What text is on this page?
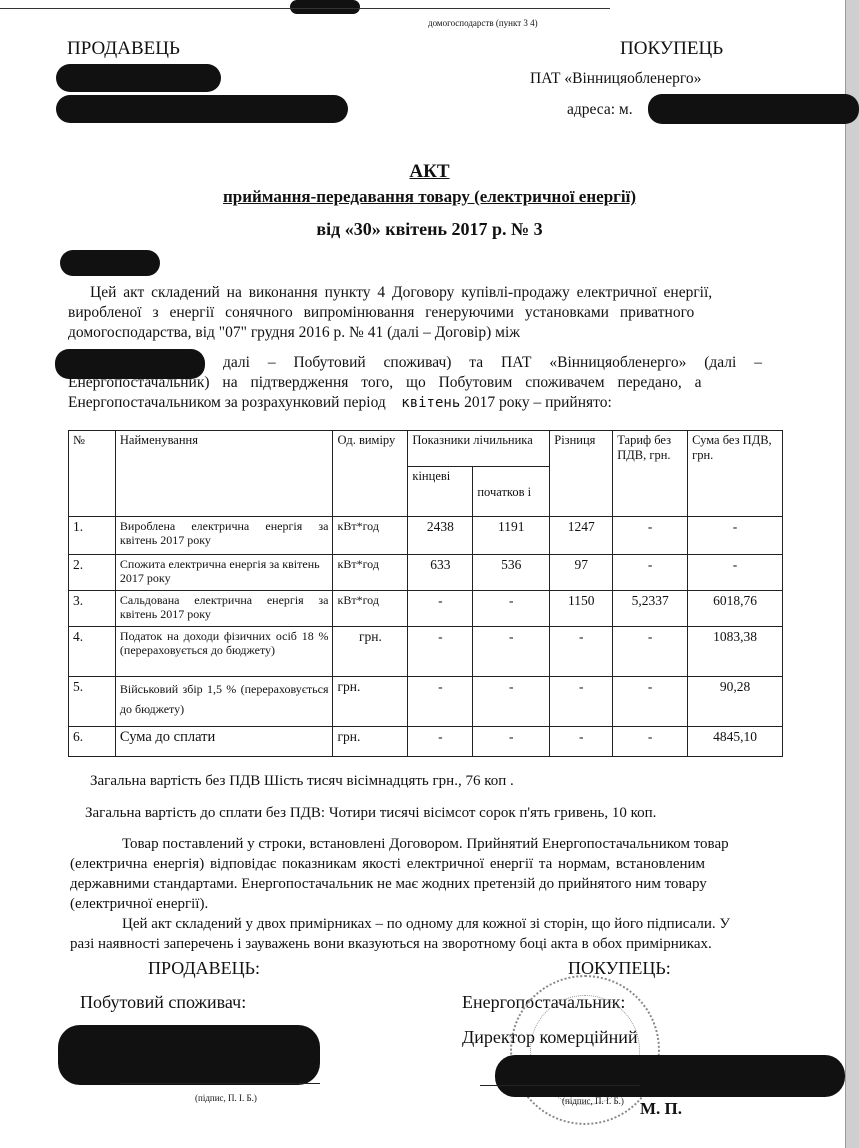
домогосподарств (пункт 3 4)
ПРОДАВЕЦЬ	ПОКУПЕЦЬ
ПАТ «Вінницяобленерго»
адреса: м.
АКТ
приймання-передавання товару (електричної енергії)
від «30» квітень 2017 р. № 3
Цей акт складений на виконання пункту 4 Договору купівлі-продажу електричної енергії,
виробленої з енергії сонячного випромінювання генеруючими установками приватного
домогосподарства, від "07" грудня 2016 р. № 41 (далі – Договір) між
далі – Побутовий споживач) та ПАТ «Вінницяобленерго» (далі –
Енергопостачальник) на підтвердження того, що Побутовим споживачем передано, а
Енергопостачальником за розрахунковий період квітень 2017 року – прийнято:
№	Найменування	Од. виміру	Показники лічильника		Різниця	Тариф без ПДВ, грн.	Сума без ПДВ, грн.
			кінцеві	початков і			
1.	Вироблена електрична енергія за квітень 2017 року	кВт*год	2438	1191	1247	-	-
2.	Спожита електрична енергія за квітень 2017 року	кВт*год	633	536	97	-	-
3.	Сальдована електрична енергія за квітень 2017 року	кВт*год	-	-	1150	5,2337	6018,76
4.	Податок на доходи фізичних осіб 18 % (перераховується до бюджету)	грн.	-	-	-	-	1083,38
5.	Військовий збір 1,5 % (перераховується до бюджету)	грн.	-	-	-	-	90,28
6.	Сума до сплати	грн.	-	-	-	-	4845,10
Загальна вартість без ПДВ Шість тисяч вісімнадцять грн., 76 коп .
Загальна вартість до сплати без ПДВ: Чотири тисячі вісімсот сорок п'ять гривень, 10 коп.
Товар поставлений у строки, встановлені Договором. Прийнятий Енергопостачальником товар
(електрична енергія) відповідає показникам якості електричної енергії та нормам, встановленим
державними стандартами. Енергопостачальник не має жодних претензій до прийнятого ним товару
(електричної енергії).
Цей акт складений у двох примірниках – по одному для кожної зі сторін, що його підписали. У
разі наявності заперечень і зауважень вони вказуються на зворотному боці акта в обох примірниках.
ПРОДАВЕЦЬ:	ПОКУПЕЦЬ:
Побутовий споживач:	Енергопостачальник:
Директор комерційний
(підпис, П. І. Б.)	(підпис, П. І. Б.) М. П.
